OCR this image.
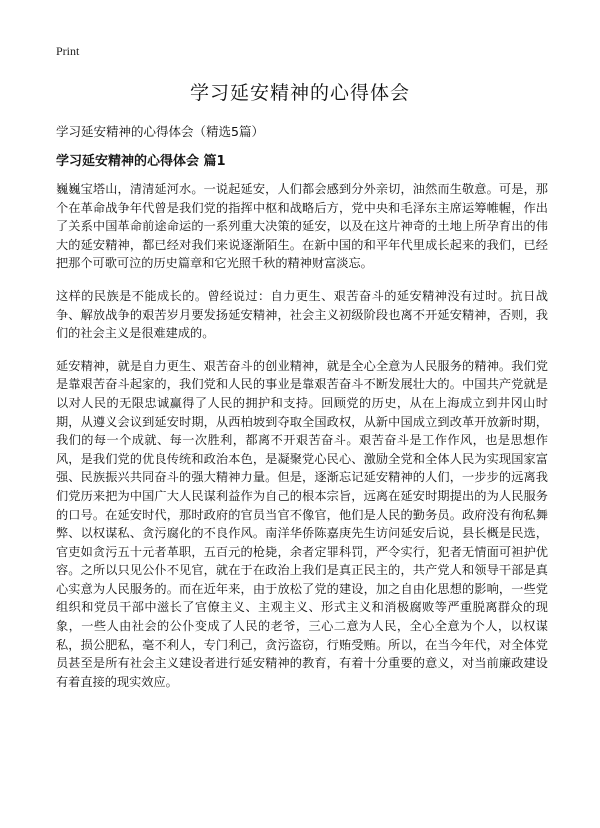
Print
学习延安精神的心得体会

学习延安精神的心得体会（精选5篇）

学习延安精神的心得体会 篇1

巍巍宝塔山，清清延河水。一说起延安，人们都会感到分外亲切，油然而生敬意。可是，那个在革命战争年代曾是我们党的指挥中枢和战略后方，党中央和毛泽东主席运筹帷幄，作出了关系中国革命前途命运的一系列重大决策的延安，以及在这片神奇的土地上所孕育出的伟大的延安精神，都已经对我们来说逐渐陌生。在新中国的和平年代里成长起来的我们，已经把那个可歌可泣的历史篇章和它光照千秋的精神财富淡忘。

这样的民族是不能成长的。曾经说过：自力更生、艰苦奋斗的延安精神没有过时。抗日战争、解放战争的艰苦岁月要发扬延安精神，社会主义初级阶段也离不开延安精神，否则，我们的社会主义是很难建成的。

延安精神，就是自力更生、艰苦奋斗的创业精神，就是全心全意为人民服务的精神。我们党是靠艰苦奋斗起家的，我们党和人民的事业是靠艰苦奋斗不断发展壮大的。中国共产党就是以对人民的无限忠诚赢得了人民的拥护和支持。回顾党的历史，从在上海成立到井冈山时期，从遵义会议到延安时期，从西柏坡到夺取全国政权，从新中国成立到改革开放新时期，我们的每一个成就、每一次胜利，都离不开艰苦奋斗。艰苦奋斗是工作作风，也是思想作风，是我们党的优良传统和政治本色，是凝聚党心民心、激励全党和全体人民为实现国家富强、民族振兴共同奋斗的强大精神力量。但是，逐渐忘记延安精神的人们，一步步的远离我们党历来把为中国广大人民谋利益作为自己的根本宗旨，远离在延安时期提出的为人民服务的口号。在延安时代，那时政府的官员当官不像官，他们是人民的勤务员。政府没有徇私舞弊、以权谋私、贪污腐化的不良作风。南洋华侨陈嘉庚先生访问延安后说，县长概是民选，官吏如贪污五十元者革职，五百元的枪毙，余者定罪科罚，严令实行，犯者无情面可袒护优容。之所以只见公仆不见官，就在于在政治上我们是真正民主的，共产党人和领导干部是真心实意为人民服务的。而在近年来，由于放松了党的建设，加之自由化思想的影响，一些党组织和党员干部中滋长了官僚主义、主观主义、形式主义和消极腐败等严重脱离群众的现象，一些人由社会的公仆变成了人民的老爷，三心二意为人民，全心全意为个人，以权谋私，损公肥私，毫不利人，专门利己，贪污盗窃，行贿受贿。所以，在当今年代，对全体党员甚至是所有社会主义建设者进行延安精神的教育，有着十分重要的意义，对当前廉政建设有着直接的现实效应。
